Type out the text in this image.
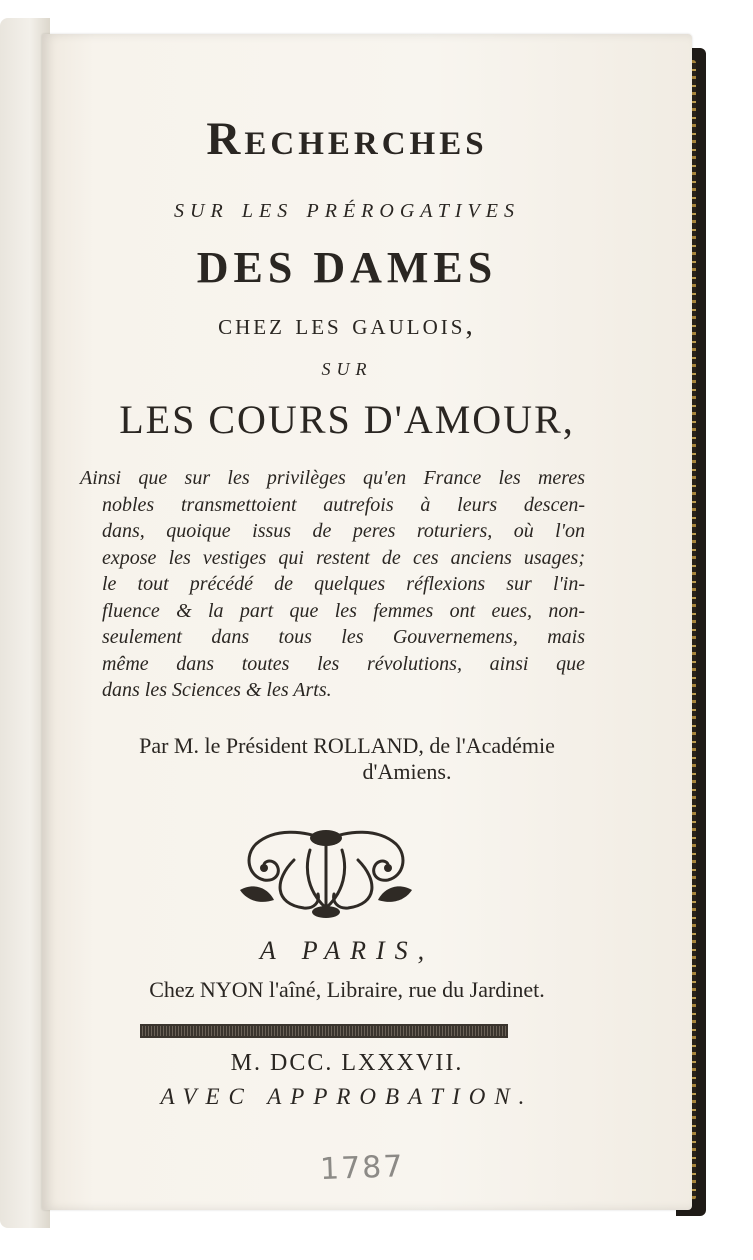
Recherches
sur les prérogatives
DES DAMES
chez les gaulois,
sur
LES COURS D'AMOUR,
Ainsi que sur les privilèges qu'en France les meres
nobles transmettoient autrefois à leurs descen-
dans, quoique issus de peres roturiers, où l'on
expose les vestiges qui restent de ces anciens usages;
le tout précédé de quelques réflexions sur l'in-
fluence & la part que les femmes ont eues, non-
seulement dans tous les Gouvernemens, mais
même dans toutes les révolutions, ainsi que
dans les Sciences & les Arts.
Par M. le Président ROLLAND, de l'Académie
d'Amiens.
A PARIS,
Chez NYON l'aîné, Libraire, rue du Jardinet.
M. DCC. LXXXVII.
AVEC APPROBATION.
1787
